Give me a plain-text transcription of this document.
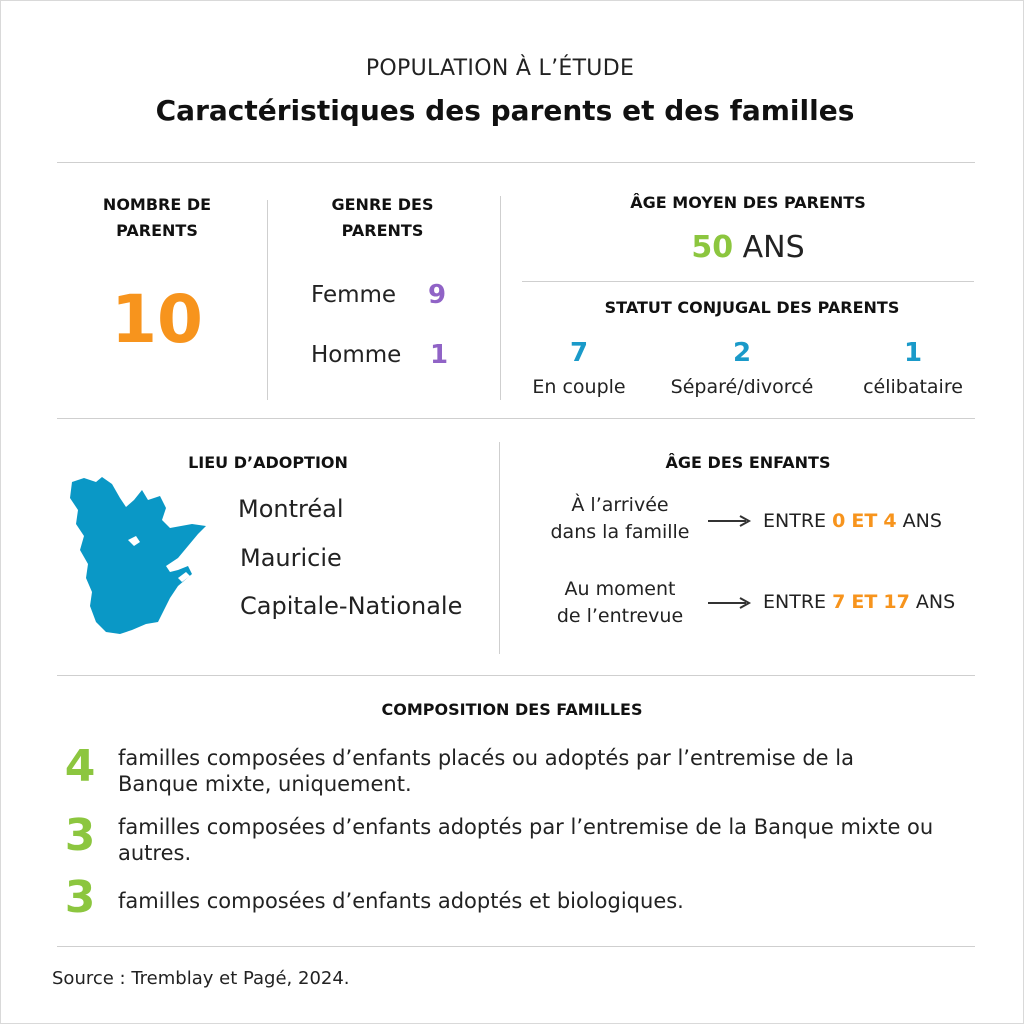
POPULATION À L’ÉTUDE
Caractéristiques des parents et des familles
NOMBRE DE PARENTS
10
GENRE DES PARENTS
Femme 9
Homme 1
ÂGE MOYEN DES PARENTS
50 ANS
STATUT CONJUGAL DES PARENTS
7
En couple
2
Séparé/divorcé
1
célibataire
LIEU D’ADOPTION
Montréal
Mauricie
Capitale-Nationale
ÂGE DES ENFANTS
À l’arrivée
dans la famille	ENTRE 0 ET 4 ANS
Au moment
de l’entrevue
ENTRE 7 ET 17 ANS
COMPOSITION DES FAMILLES
4 familles composées d’enfants placés ou adoptés par l’entremise de la Banque mixte, uniquement.
3 familles composées d’enfants adoptés par l’entremise de la Banque mixte ou autres.
3 familles composées d’enfants adoptés et biologiques.
Source : Tremblay et Pagé, 2024.
